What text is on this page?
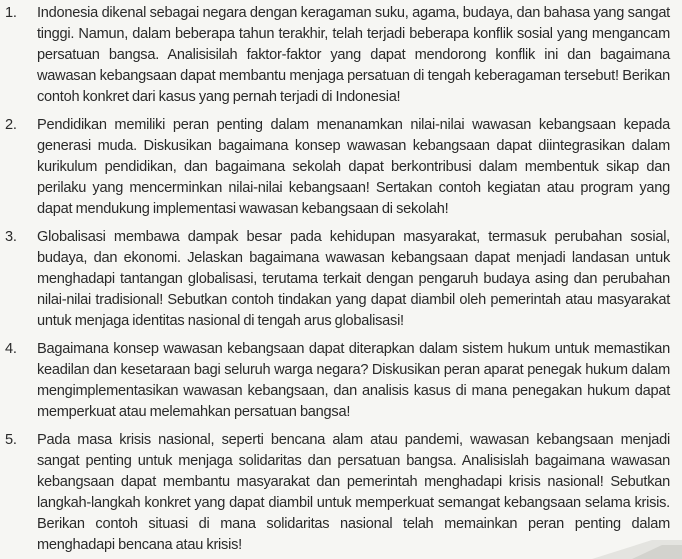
1.	Indonesia dikenal sebagai negara dengan keragaman suku, agama, budaya, dan bahasa yang sangat tinggi. Namun, dalam beberapa tahun terakhir, telah terjadi beberapa konflik sosial yang mengancam persatuan bangsa. Analisisilah faktor-faktor yang dapat mendorong konflik ini dan bagaimana wawasan kebangsaan dapat membantu menjaga persatuan di tengah keberagaman tersebut! Berikan contoh konkret dari kasus yang pernah terjadi di Indonesia!
2.	Pendidikan memiliki peran penting dalam menanamkan nilai-nilai wawasan kebangsaan kepada generasi muda. Diskusikan bagaimana konsep wawasan kebangsaan dapat diintegrasikan dalam kurikulum pendidikan, dan bagaimana sekolah dapat berkontribusi dalam membentuk sikap dan perilaku yang mencerminkan nilai-nilai kebangsaan! Sertakan contoh kegiatan atau program yang dapat mendukung implementasi wawasan kebangsaan di sekolah!
3.	Globalisasi membawa dampak besar pada kehidupan masyarakat, termasuk perubahan sosial, budaya, dan ekonomi. Jelaskan bagaimana wawasan kebangsaan dapat menjadi landasan untuk menghadapi tantangan globalisasi, terutama terkait dengan pengaruh budaya asing dan perubahan nilai-nilai tradisional! Sebutkan contoh tindakan yang dapat diambil oleh pemerintah atau masyarakat untuk menjaga identitas nasional di tengah arus globalisasi!
4.	Bagaimana konsep wawasan kebangsaan dapat diterapkan dalam sistem hukum untuk memastikan keadilan dan kesetaraan bagi seluruh warga negara? Diskusikan peran aparat penegak hukum dalam mengimplementasikan wawasan kebangsaan, dan analisis kasus di mana penegakan hukum dapat memperkuat atau melemahkan persatuan bangsa!
5.	Pada masa krisis nasional, seperti bencana alam atau pandemi, wawasan kebangsaan menjadi sangat penting untuk menjaga solidaritas dan persatuan bangsa. Analisislah bagaimana wawasan kebangsaan dapat membantu masyarakat dan pemerintah menghadapi krisis nasional! Sebutkan langkah-langkah konkret yang dapat diambil untuk memperkuat semangat kebangsaan selama krisis. Berikan contoh situasi di mana solidaritas nasional telah memainkan peran penting dalam menghadapi bencana atau krisis!
